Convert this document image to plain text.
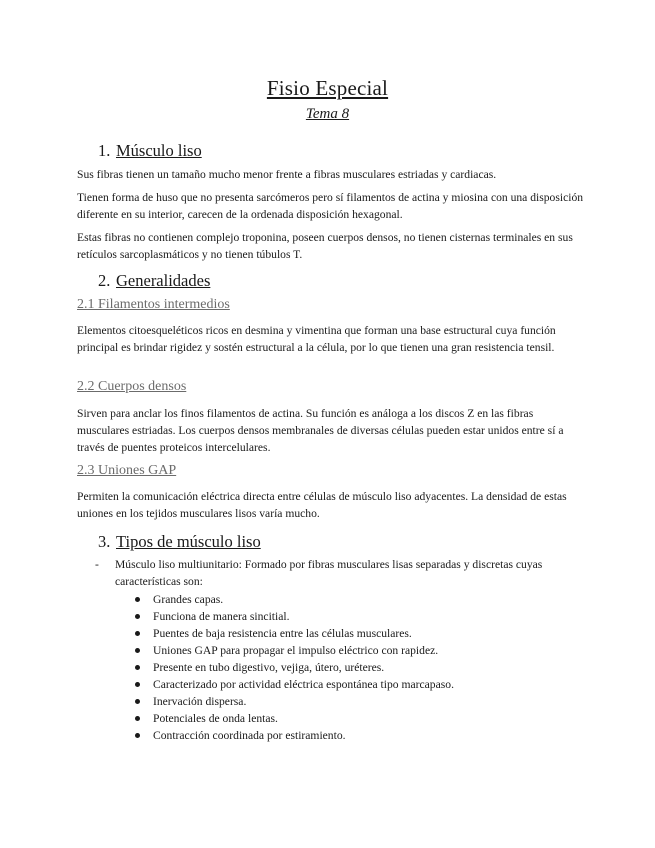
Fisio Especial
Tema 8
1. Músculo liso

Sus fibras tienen un tamaño mucho menor frente a fibras musculares estriadas y cardiacas.

Tienen forma de huso que no presenta sarcómeros pero sí filamentos de actina y miosina con una disposición diferente en su interior, carecen de la ordenada disposición hexagonal.

Estas fibras no contienen complejo troponina, poseen cuerpos densos, no tienen cisternas terminales en sus retículos sarcoplasmáticos y no tienen túbulos T.

2. Generalidades
2.1 Filamentos intermedios

Elementos citoesqueléticos ricos en desmina y vimentina que forman una base estructural cuya función principal es brindar rigidez y sostén estructural a la célula, por lo que tienen una gran resistencia tensil.

2.2 Cuerpos densos

Sirven para anclar los finos filamentos de actina. Su función es análoga a los discos Z en las fibras musculares estriadas. Los cuerpos densos membranales de diversas células pueden estar unidos entre sí a través de puentes proteicos intercelulares.

2.3 Uniones GAP

Permiten la comunicación eléctrica directa entre células de músculo liso adyacentes. La densidad de estas uniones en los tejidos musculares lisos varía mucho.

3. Tipos de músculo liso
- Músculo liso multiunitario: Formado por fibras musculares lisas separadas y discretas cuyas características son:
Grandes capas.
Funciona de manera sincitial.
Puentes de baja resistencia entre las células musculares.
Uniones GAP para propagar el impulso eléctrico con rapidez.
Presente en tubo digestivo, vejiga, útero, uréteres.
Caracterizado por actividad eléctrica espontánea tipo marcapaso.
Inervación dispersa.
Potenciales de onda lentas.
Contracción coordinada por estiramiento.
